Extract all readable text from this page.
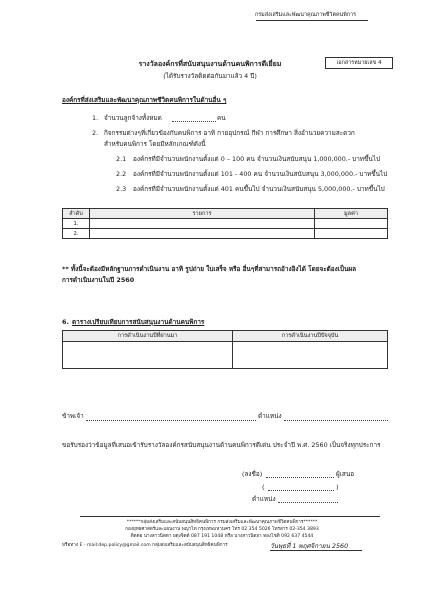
กรมส่งเสริมและพัฒนาคุณภาพชีวิตคนพิการ
รางวัลองค์กรที่สนับสนุนงานด้านคนพิการดีเยี่ยม
(ได้รับรางวัลติดต่อกันมาแล้ว 4 ปี)
เอกสารหมายเลข 4
องค์กรที่ส่งเสริมและพัฒนาคุณภาพชีวิตคนพิการในด้านอื่น ๆ
1. จำนวนลูกจ้างทั้งหมด	คน
2. กิจกรรมต่างๆที่เกี่ยวข้องกับคนพิการ อาทิ กายอุปกรณ์ กีฬา การศึกษา สิ่งอำนวยความสะดวก
สำหรับคนพิการ โดยมีหลักเกณฑ์ดังนี้
2.1 องค์กรที่มีจำนวนพนักงานตั้งแต่ 0 – 100 คน จำนวนเงินสนับสนุน 1,000,000.- บาทขึ้นไป
2.2 องค์กรที่มีจำนวนพนักงานตั้งแต่ 101 - 400 คน จำนวนเงินสนับสนุน 3,000,000.- บาทขึ้นไป
2.3 องค์กรที่มีจำนวนพนักงานตั้งแต่ 401 คนขึ้นไป จำนวนเงินสนับสนุน 5,000,000.- บาทขึ้นไป
ลำดับ	รายการ	มูลค่า
1.		
2.		
** ทั้งนี้จะต้องมีหลักฐานการดำเนินงาน อาทิ รูปถ่าย ใบเสร็จ หรือ อื่นๆที่สามารถอ้างอิงได้ โดยจะต้องเป็นผล
การดำเนินงานในปี 2560
6. ตารางเปรียบเทียบการสนับสนุนงานด้านคนพิการ
การดำเนินงานปีที่ผ่านมา	การดำเนินงานปีปัจจุบัน

ข้าพเจ้า	ตำแหน่ง
ขอรับรองว่าข้อมูลที่เสนอเข้ารับรางวัลองค์กรสนับสนุนงานด้านคนพิการดีเด่น ประจำปี พ.ศ. 2560 เป็นจริงทุกประการ
(ลงชื่อ)	ผู้เสนอ
(	)
ตำแหน่ง
******กลุ่มส่งเสริมและสนับสนุนสิทธิคนพิการ กรมส่งเสริมและพัฒนาคุณภาพชีวิตคนพิการ******
กองยุทธศาสตร์และแผนงาน พญาไท กรุงเทพมหานคร โทร 02 354 5026 โทรสาร 02-354 3893
ติดต่อ นางสาวนิดดา ผดุงจิตต์ 087 191 1048 หรือ นางสาวนิตยา ทองโชติ 092 637 4544
หรือทาง E - mail:dep.policy@gmail.com กลุ่มส่งเสริมและสนับสนุนสิทธิคนพิการ	วันพุธที่ 1 พฤศจิกายน 2560
